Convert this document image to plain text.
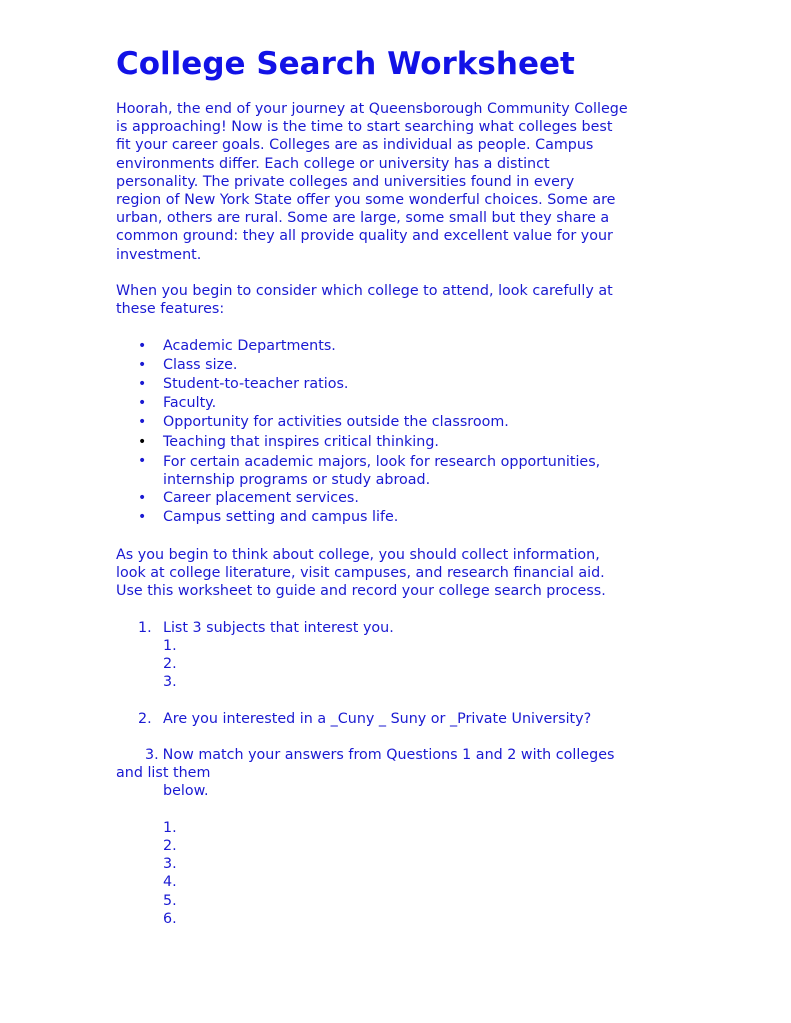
College Search Worksheet
Hoorah, the end of your journey at Queensborough Community College
is approaching! Now is the time to start searching what colleges best
fit your career goals. Colleges are as individual as people. Campus
environments differ. Each college or university has a distinct
personality. The private colleges and universities found in every
region of New York State offer you some wonderful choices. Some are
urban, others are rural. Some are large, some small but they share a
common ground: they all provide quality and excellent value for your
investment.
When you begin to consider which college to attend, look carefully at
these features:
• Academic Departments.
• Class size.
• Student-to-teacher ratios.
• Faculty.
• Opportunity for activities outside the classroom.
• Teaching that inspires critical thinking.
• For certain academic majors, look for research opportunities,
internship programs or study abroad.
• Career placement services.
• Campus setting and campus life.
As you begin to think about college, you should collect information,
look at college literature, visit campuses, and research financial aid.
Use this worksheet to guide and record your college search process.
1. List 3 subjects that interest you.
1.
2.
3.
2. Are you interested in a _Cuny _ Suny or _Private University?
3. Now match your answers from Questions 1 and 2 with colleges
and list them
below.
1.
2.
3.
4.
5.
6.
